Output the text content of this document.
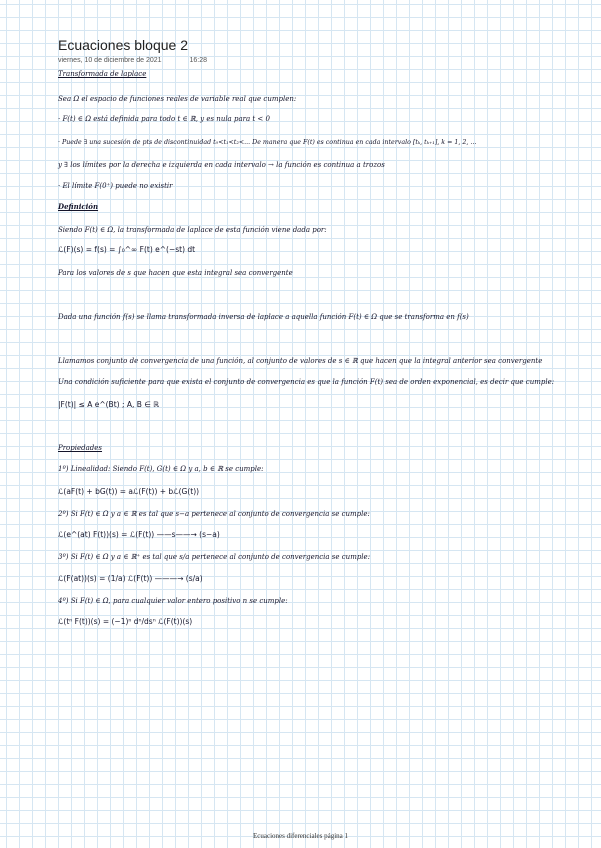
Ecuaciones bloque 2
viernes, 10 de diciembre de 2021	16:28
Transformada de laplace
Sea Ω el espacio de funciones reales de variable real que cumplen:
· F(t) ∈ Ω está definida para todo t ∈ ℝ, y es nula para t < 0
· Puede ∃ una sucesión de pts de discontinuidad t₀<t₁<t₂<... De manera que F(t) es continua en cada intervalo [tₖ, tₖ₊₁], k = 1, 2, ...
y ∃ los límites por la derecha e izquierda en cada intervalo → la función es continua a trozos
· El límite F(0⁺) puede no existir
Definición
Siendo F(t) ∈ Ω, la transformada de laplace de esta función viene dada por:
ℒ(F)(s) = f(s) = ∫₀^∞ F(t) e^(−st) dt
Para los valores de s que hacen que esta integral sea convergente
Dada una función f(s) se llama transformada inversa de laplace a aquella función F(t) ∈ Ω que se transforma en f(s)
Llamamos conjunto de convergencia de una función, al conjunto de valores de s ∈ ℝ que hacen que la integral anterior sea convergente
Una condición suficiente para que exista el conjunto de convergencia es que la función F(t) sea de orden exponencial, es decir que cumple:
|F(t)| ≤ A e^(Bt) ; A, B ∈ ℝ
Propiedades
1º) Linealidad: Siendo F(t), G(t) ∈ Ω y a, b ∈ ℝ se cumple:
ℒ(aF(t) + bG(t)) = aℒ(F(t)) + bℒ(G(t))
2º) Si F(t) ∈ Ω y a ∈ ℝ es tal que s−a pertenece al conjunto de convergencia se cumple:
ℒ(e^(at) F(t))(s) = ℒ(F(t)) ——s——→ (s−a)
3º) Si F(t) ∈ Ω y a ∈ ℝ⁺ es tal que s/a pertenece al conjunto de convergencia se cumple:
ℒ(F(at))(s) = (1/a) ℒ(F(t)) ———→ (s/a)
4º) Si F(t) ∈ Ω, para cualquier valor entero positivo n se cumple:
ℒ(tⁿ F(t))(s) = (−1)ⁿ dⁿ/dsⁿ ℒ(F(t))(s)
Ecuaciones diferenciales página 1
